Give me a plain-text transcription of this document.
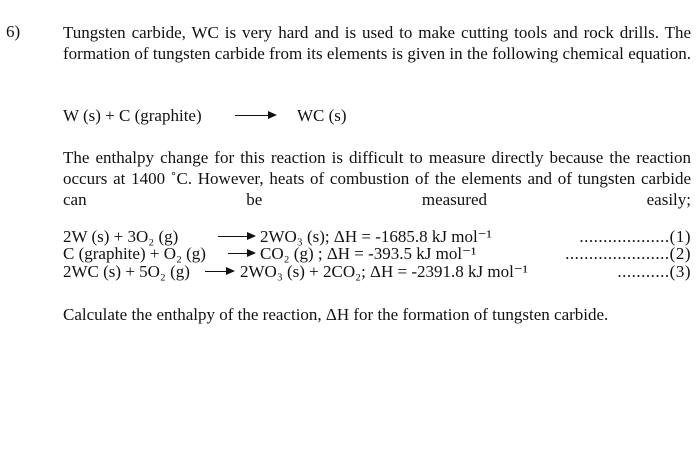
6)	Tungsten carbide, WC is very hard and is used to make cutting tools and rock drills. The formation of tungsten carbide from its elements is given in the following chemical equation.
W (s) + C (graphite) → WC (s)
The enthalpy change for this reaction is difficult to measure directly because the reaction occurs at 1400 ˚C. However, heats of combustion of the elements and of tungsten carbide can be measured easily;
2W (s) + 3O₂ (g) → 2WO₃ (s); ΔH = -1685.8 kJ mol⁻¹	...................(1)
C (graphite) + O₂ (g) → CO₂ (g) ; ΔH = -393.5 kJ mol⁻¹	......................(2)
2WC (s) + 5O₂ (g) → 2WO₃ (s) + 2CO₂; ΔH = -2391.8 kJ mol⁻¹	...........(3)
Calculate the enthalpy of the reaction, ΔH for the formation of tungsten carbide.
